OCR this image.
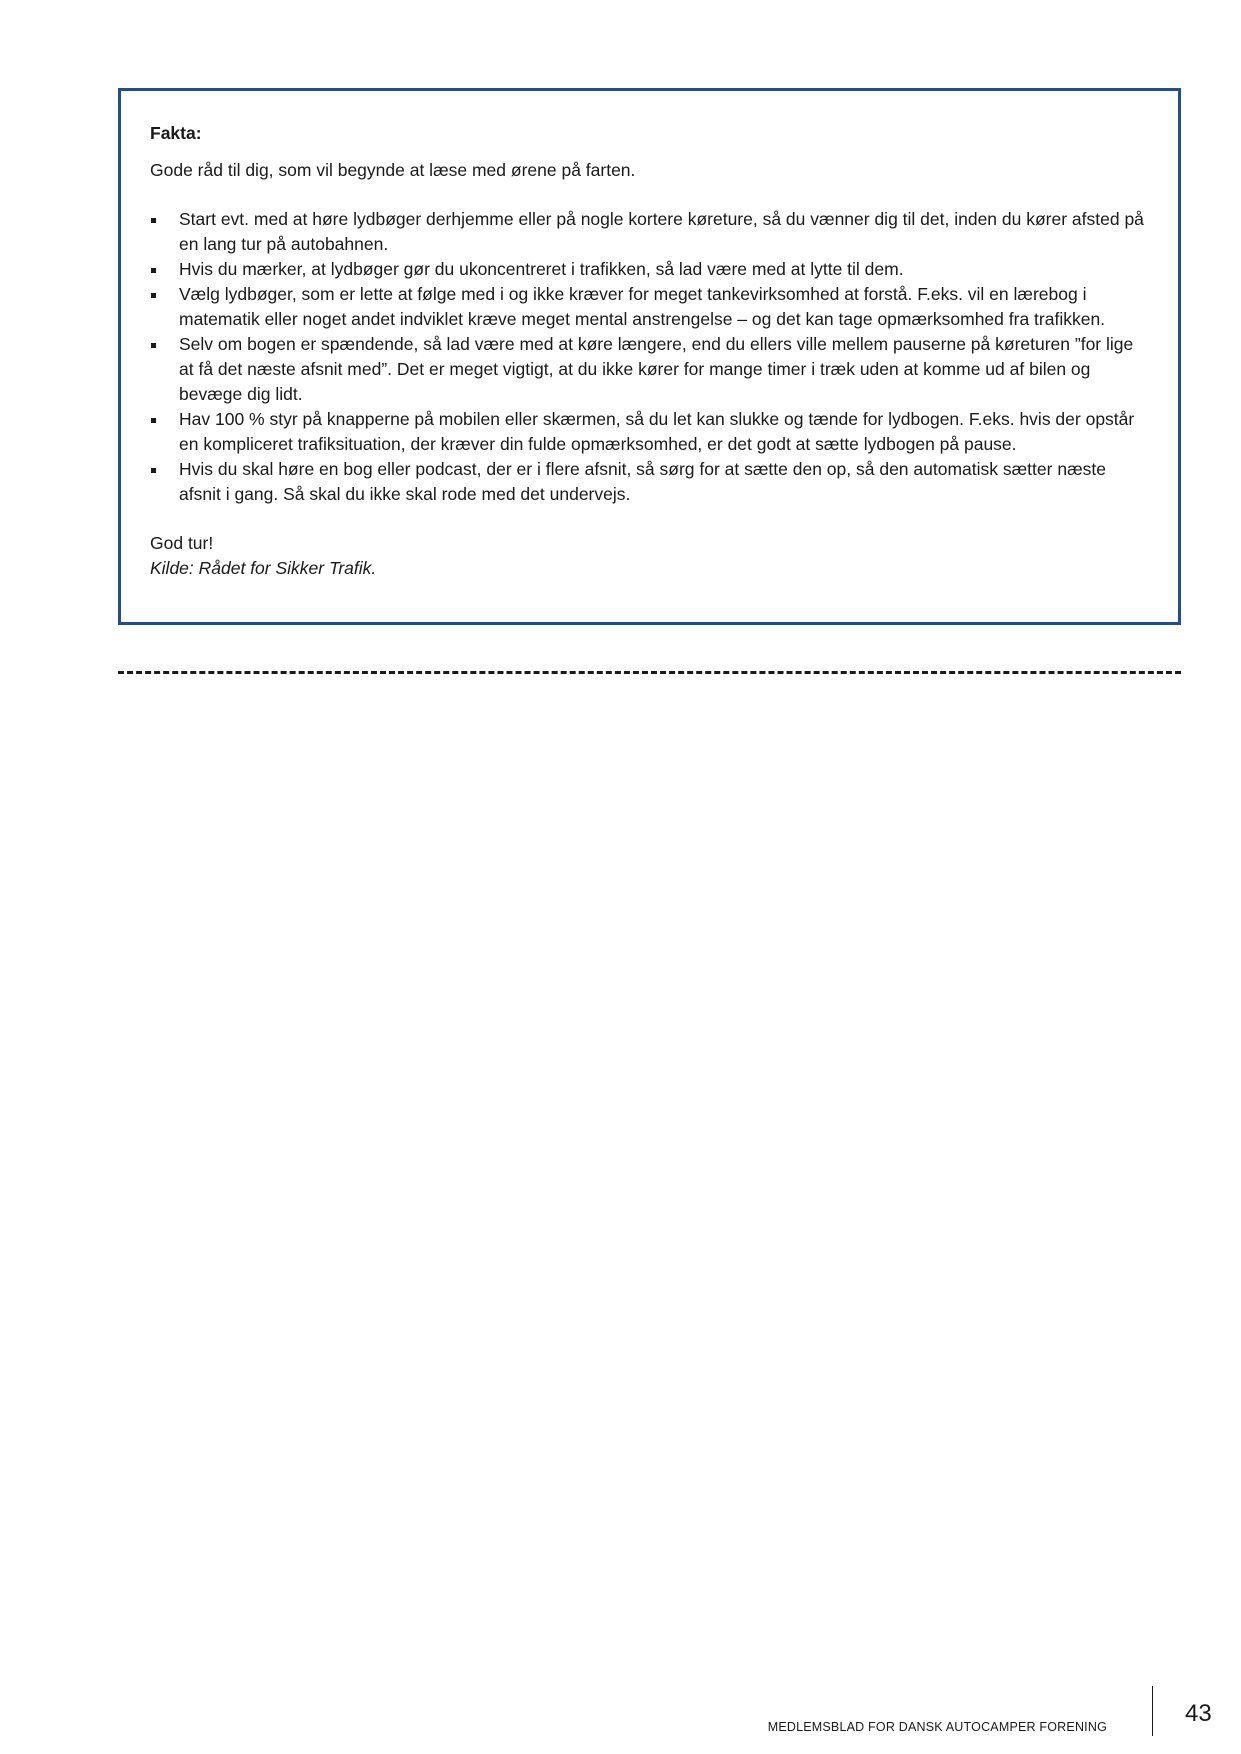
Fakta:

Gode råd til dig, som vil begynde at læse med ørene på farten.

Start evt. med at høre lydbøger derhjemme eller på nogle kortere køreture, så du vænner dig til det, inden du kører afsted på en lang tur på autobahnen.
Hvis du mærker, at lydbøger gør du ukoncentreret i trafikken, så lad være med at lytte til dem.
Vælg lydbøger, som er lette at følge med i og ikke kræver for meget tankevirksomhed at forstå. F.eks. vil en lærebog i matematik eller noget andet indviklet kræve meget mental anstrengelse – og det kan tage opmærksomhed fra trafikken.
Selv om bogen er spændende, så lad være med at køre længere, end du ellers ville mellem pauserne på køreturen ”for lige at få det næste afsnit med”. Det er meget vigtigt, at du ikke kører for mange timer i træk uden at komme ud af bilen og bevæge dig lidt.
Hav 100 % styr på knapperne på mobilen eller skærmen, så du let kan slukke og tænde for lydbogen. F.eks. hvis der opstår en kompliceret trafiksituation, der kræver din fulde opmærksomhed, er det godt at sætte lydbogen på pause.
Hvis du skal høre en bog eller podcast, der er i flere afsnit, så sørg for at sætte den op, så den automatisk sætter næste afsnit i gang. Så skal du ikke skal rode med det undervejs.

God tur!

Kilde: Rådet for Sikker Trafik.

MEDLEMSBLAD FOR DANSK AUTOCAMPER FORENING	43
